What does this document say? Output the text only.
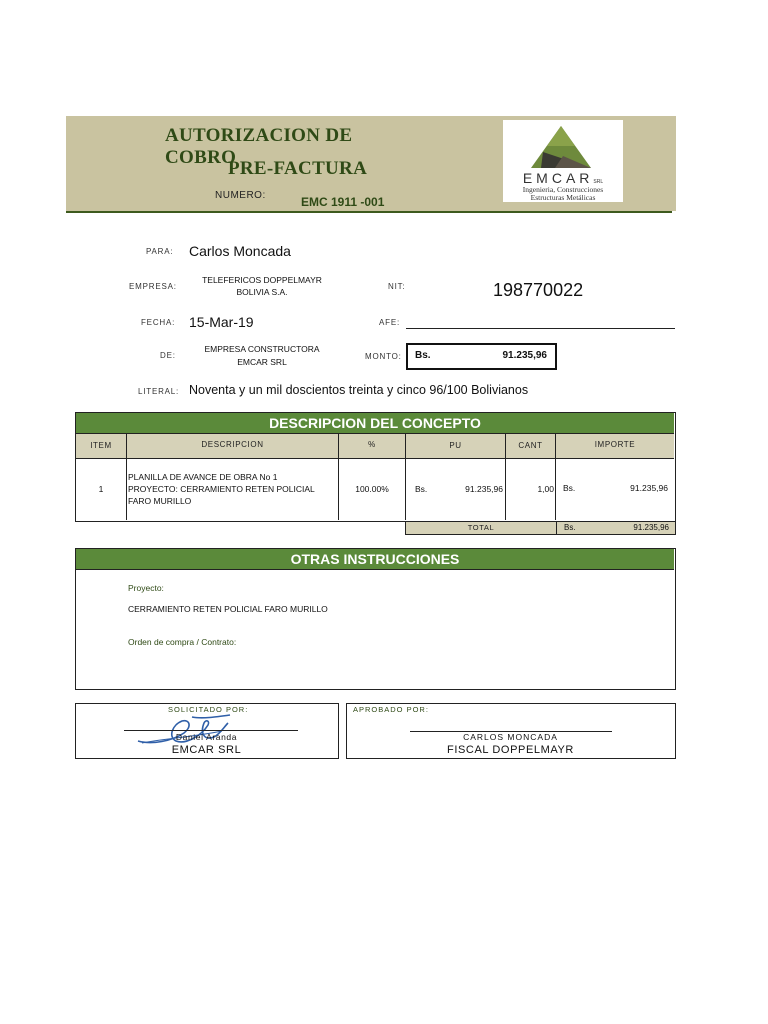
AUTORIZACION DE COBRO
PRE-FACTURA
NUMERO:	EMC 1911 -001
EMCARSRL
Ingenieria, Construcciones
Estructuras Metálicas
PARA: Carlos Moncada
EMPRESA:
TELEFERICOS DOPPELMAYR
BOLIVIA S.A.
NIT:	198770022
FECHA: 15-Mar-19	AFE:
DE:
EMPRESA CONSTRUCTORA
EMCAR SRL
MONTO: Bs.	91.235,96
LITERAL: Noventa y un mil doscientos treinta y cinco 96/100 Bolivianos
DESCRIPCION DEL CONCEPTO
ITEM	DESCRIPCION	%	PU	CANT	IMPORTE
1
PLANILLA DE AVANCE DE OBRA No 1
PROYECTO: CERRAMIENTO RETEN POLICIAL
FARO MURILLO
100.00%	Bs.	91.235,96	1,00 Bs.	91.235,96
TOTAL	Bs.	91.235,96
OTRAS INSTRUCCIONES
Proyecto:
CERRAMIENTO RETEN POLICIAL FARO MURILLO
Orden de compra / Contrato:
SOLICITADO POR:
Daniel Aranda
EMCAR SRL
APROBADO POR:
CARLOS MONCADA
FISCAL DOPPELMAYR
